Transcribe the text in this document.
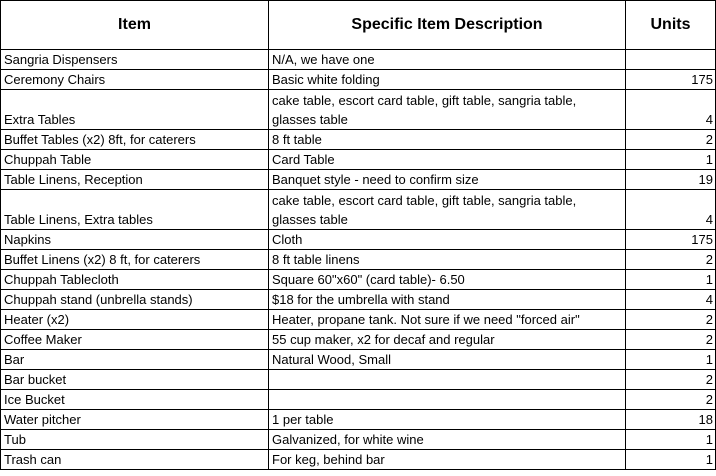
Item	Specific Item Description	Units
Sangria Dispensers	N/A, we have one	
Ceremony Chairs	Basic white folding	175
Extra Tables	cake table, escort card table, gift table, sangria table, glasses table	4
Buffet Tables (x2) 8ft, for caterers	8 ft table	2
Chuppah Table	Card Table	1
Table Linens, Reception	Banquet style - need to confirm size	19
Table Linens, Extra tables	cake table, escort card table, gift table, sangria table, glasses table	4
Napkins	Cloth	175
Buffet Linens (x2) 8 ft, for caterers	8 ft table linens	2
Chuppah Tablecloth	Square 60"x60" (card table)- 6.50	1
Chuppah stand (unbrella stands)	$18 for the umbrella with stand	4
Heater (x2)	Heater, propane tank. Not sure if we need "forced air"	2
Coffee Maker	55 cup maker, x2 for decaf and regular	2
Bar	Natural Wood, Small	1
Bar bucket		2
Ice Bucket		2
Water pitcher	1 per table	18
Tub	Galvanized, for white wine	1
Trash can	For keg, behind bar	1
